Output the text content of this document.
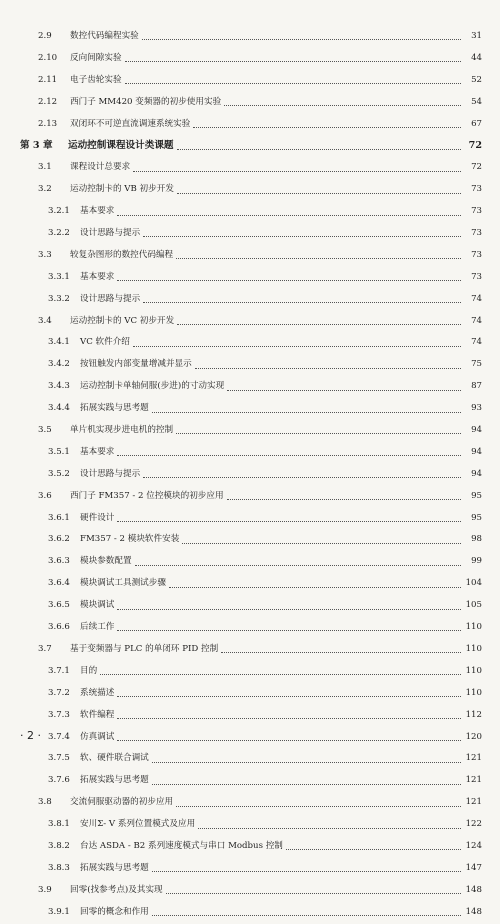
2.9	数控代码编程实验	31
2.10	反向间隙实验	44
2.11	电子齿轮实验	52
2.12	西门子 MM420 变频器的初步使用实验	54
2.13	双闭环不可逆直流调速系统实验	67
第 3 章	运动控制课程设计类课题	72
3.1	课程设计总要求	72
3.2	运动控制卡的 VB 初步开发	73
3.2.1	基本要求	73
3.2.2	设计思路与提示	73
3.3	较复杂图形的数控代码编程	73
3.3.1	基本要求	73
3.3.2	设计思路与提示	74
3.4	运动控制卡的 VC 初步开发	74
3.4.1	VC 软件介绍	74
3.4.2	按钮触发内部变量增减并显示	75
3.4.3	运动控制卡单轴伺服(步进)的寸动实现	87
3.4.4	拓展实践与思考题	93
3.5	单片机实现步进电机的控制	94
3.5.1	基本要求	94
3.5.2	设计思路与提示	94
3.6	西门子 FM357 - 2 位控模块的初步应用	95
3.6.1	硬件设计	95
3.6.2	FM357 - 2 模块软件安装	98
3.6.3	模块参数配置	99
3.6.4	模块调试工具测试步骤	104
3.6.5	模块调试	105
3.6.6	后续工作	110
3.7	基于变频器与 PLC 的单闭环 PID 控制	110
3.7.1	目的	110
3.7.2	系统描述	110
3.7.3	软件编程	112
3.7.4	仿真调试	120
3.7.5	软、硬件联合调试	121
3.7.6	拓展实践与思考题	121
3.8	交流伺服驱动器的初步应用	121
3.8.1	安川Σ- V 系列位置模式及应用	122
3.8.2	台达 ASDA - B2 系列速度模式与串口 Modbus 控制	124
3.8.3	拓展实践与思考题	147
3.9	回零(找参考点)及其实现	148
3.9.1	回零的概念和作用	148
· 2 ·
